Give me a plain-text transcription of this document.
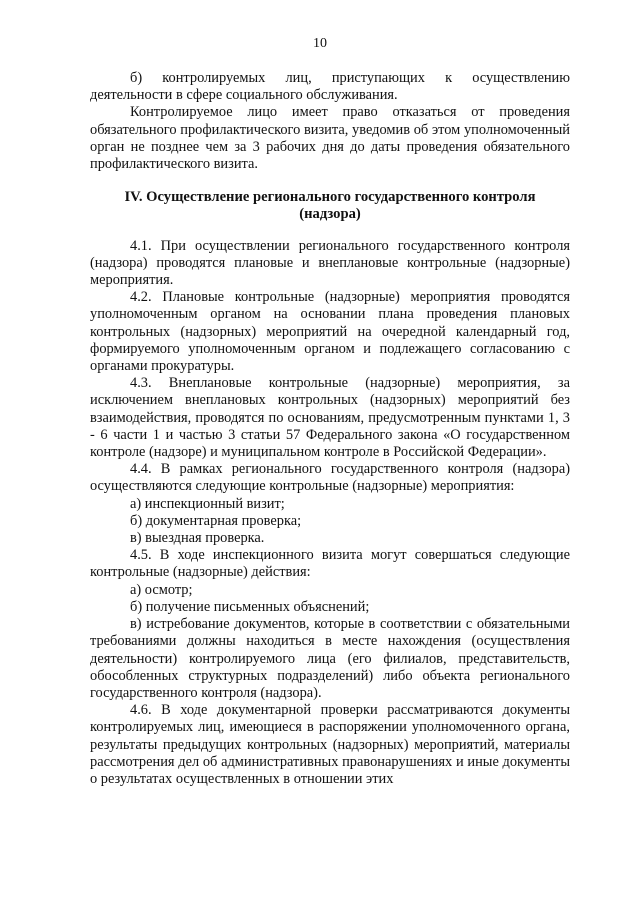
10

б) контролируемых лиц, приступающих к осуществлению деятельности в сфере социального обслуживания.

Контролируемое лицо имеет право отказаться от проведения обязательного профилактического визита, уведомив об этом уполномоченный орган не позднее чем за 3 рабочих дня до даты проведения обязательного профилактического визита.

IV. Осуществление регионального государственного контроля (надзора)

4.1. При осуществлении регионального государственного контроля (надзора) проводятся плановые и внеплановые контрольные (надзорные) мероприятия.

4.2. Плановые контрольные (надзорные) мероприятия проводятся уполномоченным органом на основании плана проведения плановых контрольных (надзорных) мероприятий на очередной календарный год, формируемого уполномоченным органом и подлежащего согласованию с органами прокуратуры.

4.3. Внеплановые контрольные (надзорные) мероприятия, за исключением внеплановых контрольных (надзорных) мероприятий без взаимодействия, проводятся по основаниям, предусмотренным пунктами 1, 3 - 6 части 1 и частью 3 статьи 57 Федерального закона «О государственном контроле (надзоре) и муниципальном контроле в Российской Федерации».

4.4. В рамках регионального государственного контроля (надзора) осуществляются следующие контрольные (надзорные) мероприятия:

а) инспекционный визит;

б) документарная проверка;

в) выездная проверка.

4.5. В ходе инспекционного визита могут совершаться следующие контрольные (надзорные) действия:

а) осмотр;

б) получение письменных объяснений;

в) истребование документов, которые в соответствии с обязательными требованиями должны находиться в месте нахождения (осуществления деятельности) контролируемого лица (его филиалов, представительств, обособленных структурных подразделений) либо объекта регионального государственного контроля (надзора).

4.6. В ходе документарной проверки рассматриваются документы контролируемых лиц, имеющиеся в распоряжении уполномоченного органа, результаты предыдущих контрольных (надзорных) мероприятий, материалы рассмотрения дел об административных правонарушениях и иные документы о результатах осуществленных в отношении этих
